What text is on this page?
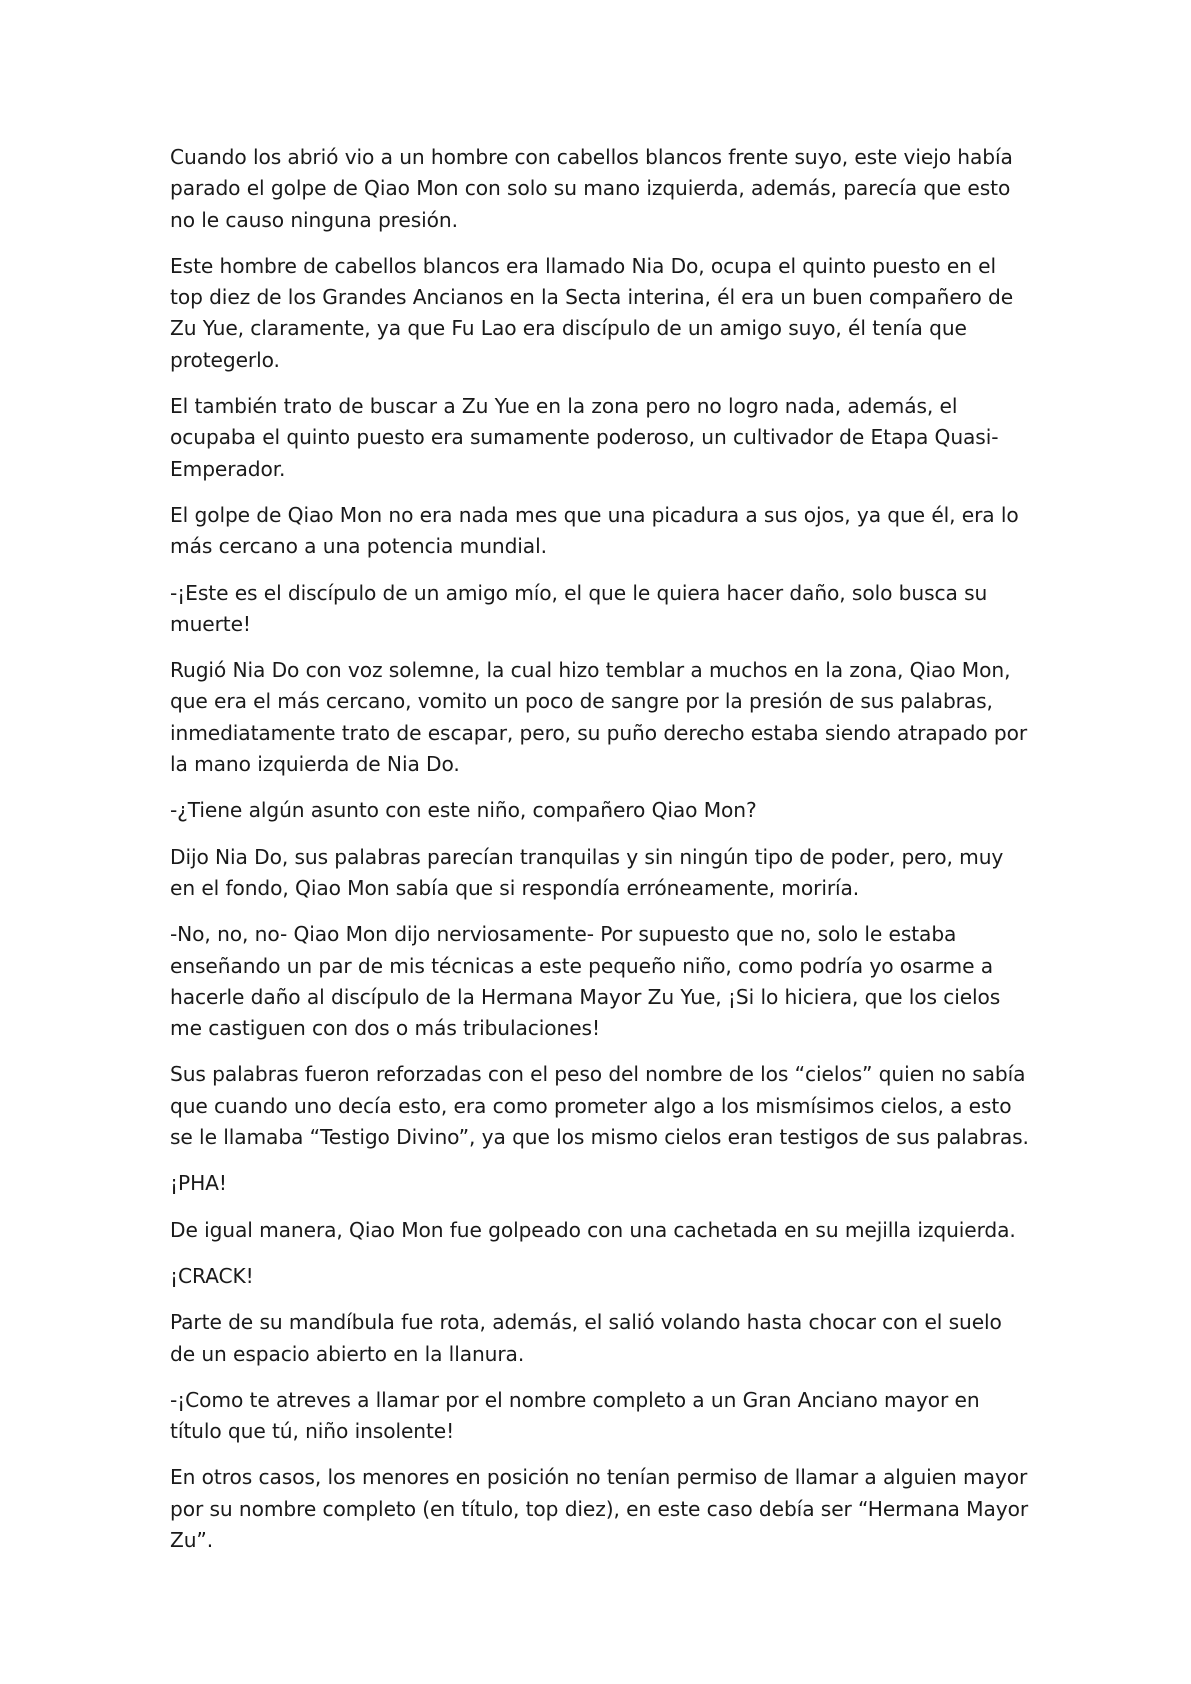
Cuando los abrió vio a un hombre con cabellos blancos frente suyo, este viejo había parado el golpe de Qiao Mon con solo su mano izquierda, además, parecía que esto no le causo ninguna presión.

Este hombre de cabellos blancos era llamado Nia Do, ocupa el quinto puesto en el top diez de los Grandes Ancianos en la Secta interina, él era un buen compañero de Zu Yue, claramente, ya que Fu Lao era discípulo de un amigo suyo, él tenía que protegerlo.

El también trato de buscar a Zu Yue en la zona pero no logro nada, además, el ocupaba el quinto puesto era sumamente poderoso, un cultivador de Etapa Quasi-Emperador.

El golpe de Qiao Mon no era nada mes que una picadura a sus ojos, ya que él, era lo más cercano a una potencia mundial.

-¡Este es el discípulo de un amigo mío, el que le quiera hacer daño, solo busca su muerte!

Rugió Nia Do con voz solemne, la cual hizo temblar a muchos en la zona, Qiao Mon, que era el más cercano, vomito un poco de sangre por la presión de sus palabras, inmediatamente trato de escapar, pero, su puño derecho estaba siendo atrapado por la mano izquierda de Nia Do.

-¿Tiene algún asunto con este niño, compañero Qiao Mon?

Dijo Nia Do, sus palabras parecían tranquilas y sin ningún tipo de poder, pero, muy en el fondo, Qiao Mon sabía que si respondía erróneamente, moriría.

-No, no, no- Qiao Mon dijo nerviosamente- Por supuesto que no, solo le estaba enseñando un par de mis técnicas a este pequeño niño, como podría yo osarme a hacerle daño al discípulo de la Hermana Mayor Zu Yue, ¡Si lo hiciera, que los cielos me castiguen con dos o más tribulaciones!

Sus palabras fueron reforzadas con el peso del nombre de los “cielos” quien no sabía que cuando uno decía esto, era como prometer algo a los mismísimos cielos, a esto se le llamaba “Testigo Divino”, ya que los mismo cielos eran testigos de sus palabras.

¡PHA!

De igual manera, Qiao Mon fue golpeado con una cachetada en su mejilla izquierda.

¡CRACK!

Parte de su mandíbula fue rota, además, el salió volando hasta chocar con el suelo de un espacio abierto en la llanura.

-¡Como te atreves a llamar por el nombre completo a un Gran Anciano mayor en título que tú, niño insolente!

En otros casos, los menores en posición no tenían permiso de llamar a alguien mayor por su nombre completo (en título, top diez), en este caso debía ser “Hermana Mayor Zu”.
